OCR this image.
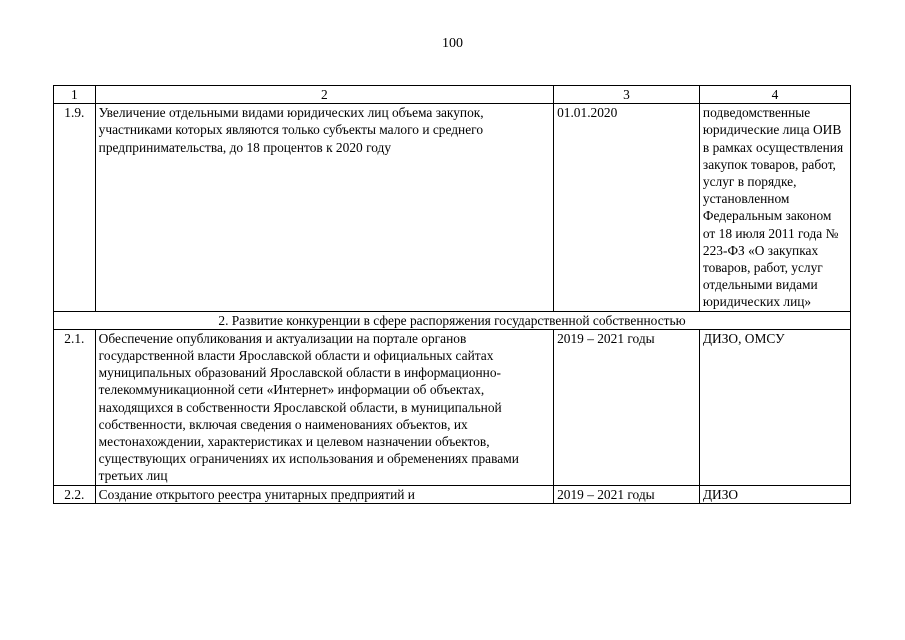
100
1	2	3	4
1.9.	Увеличение отдельными видами юридических лиц объема закупок, участниками которых являются только субъекты малого и среднего предпринимательства, до 18 процентов к 2020 году	01.01.2020	подведомственные юридические лица ОИВ в рамках осуществления закупок товаров, работ, услуг в порядке, установленном Федеральным законом от 18 июля 2011 года № 223-ФЗ «О закупках товаров, работ, услуг отдельными видами юридических лиц»
2. Развитие конкуренции в сфере распоряжения государственной собственностью			
2.1.	Обеспечение опубликования и актуализации на портале органов государственной власти Ярославской области и официальных сайтах муниципальных образований Ярославской области в информационно-телекоммуникационной сети «Интернет» информации об объектах, находящихся в собственности Ярославской области, в муниципальной собственности, включая сведения о наименованиях объектов, их местонахождении, характеристиках и целевом назначении объектов, существующих ограничениях их использования и обременениях правами третьих лиц	2019 – 2021 годы	ДИЗО, ОМСУ
2.2.	Создание открытого реестра унитарных предприятий и	2019 – 2021 годы	ДИЗО
